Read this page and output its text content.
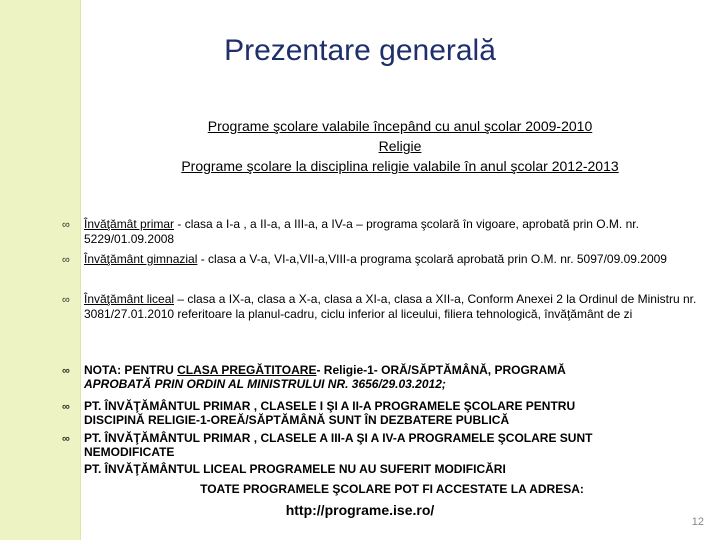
Prezentare generală
Programe şcolare valabile începând cu anul şcolar 2009-2010
Religie
Programe şcolare la disciplina religie valabile în anul şcolar 2012-2013
∞ Învăţămât primar - clasa a I-a , a II-a, a III-a, a IV-a – programa şcolară în vigoare, aprobată prin O.M. nr. 5229/01.09.2008
∞ Învăţământ gimnazial - clasa a V-a, VI-a,VII-a,VIII-a programa şcolară aprobată prin O.M. nr. 5097/09.09.2009
∞ Învăţământ liceal – clasa a IX-a, clasa a X-a, clasa a XI-a, clasa a XII-a, Conform Anexei 2 la Ordinul de Ministru nr. 3081/27.01.2010 referitoare la planul-cadru, ciclu inferior al liceului, filiera tehnologică, învăţământ de zi
∞ NOTA: PENTRU CLASA PREGĂTITOARE- Religie-1- ORĂ/SĂPTĂMÂNĂ, PROGRAMĂ
APROBATĂ PRIN ORDIN AL MINISTRULUI NR. 3656/29.03.2012;
∞ PT. ÎNVĂŢĂMÂNTUL PRIMAR , CLASELE I ŞI A II-A PROGRAMELE ŞCOLARE PENTRU
DISCIPINĂ RELIGIE-1-OREĂ/SĂPTĂMÂNĂ SUNT ÎN DEZBATERE PUBLICĂ
∞ PT. ÎNVĂŢĂMÂNTUL PRIMAR , CLASELE A III-A ŞI A IV-A PROGRAMELE ŞCOLARE SUNT
NEMODIFICATE
PT. ÎNVĂŢĂMÂNTUL LICEAL PROGRAMELE NU AU SUFERIT MODIFICĂRI
TOATE PROGRAMELE ŞCOLARE POT FI ACCESTATE LA ADRESA:
http://programe.ise.ro/
12
